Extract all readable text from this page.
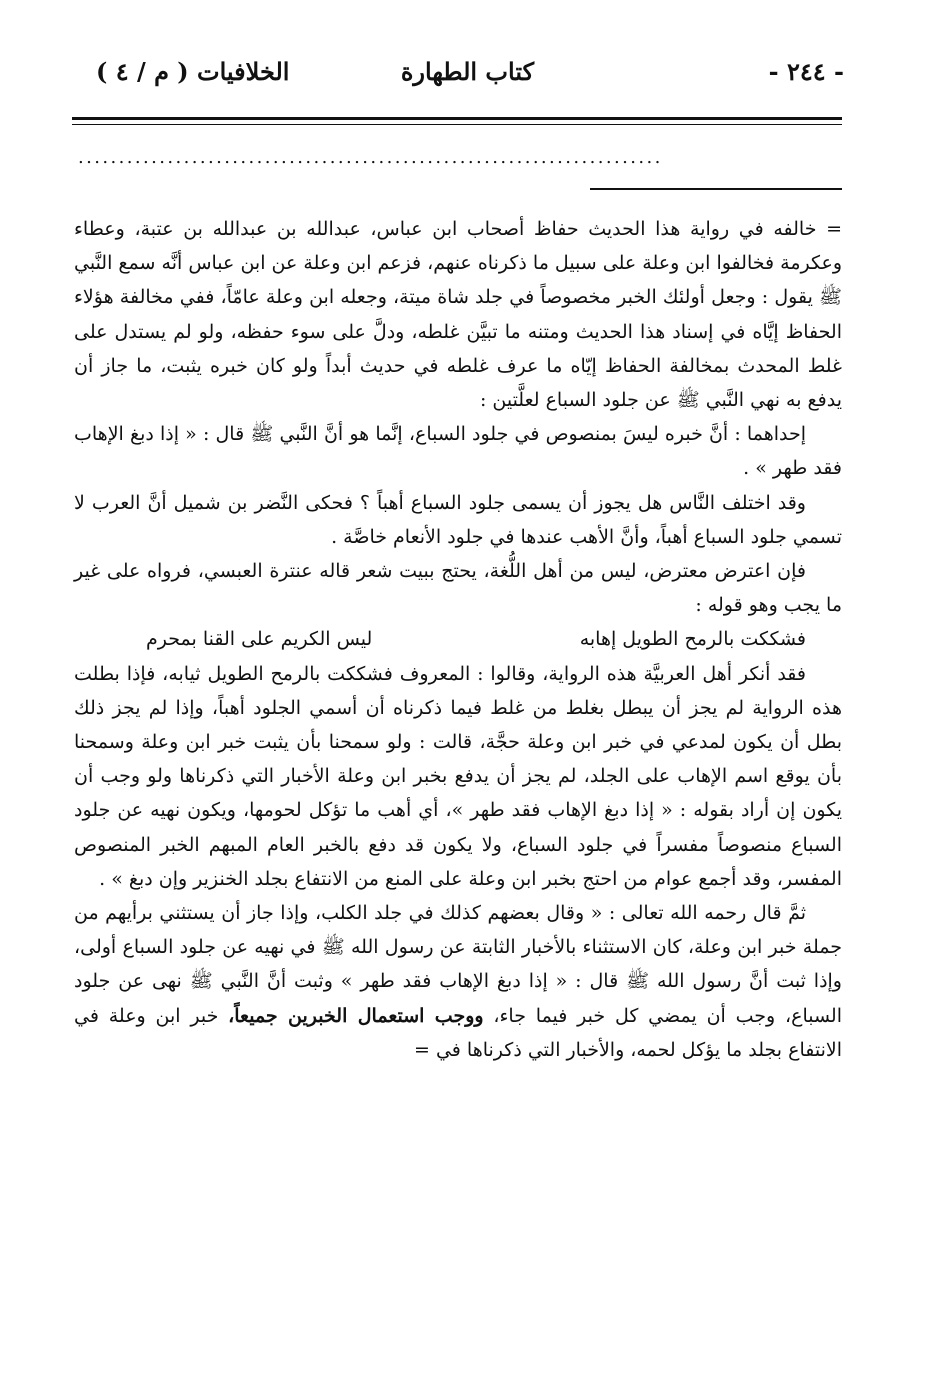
- ٢٤٤ -
كتاب الطهارة
الخلافيات ( م / ٤ )
........................................................................

= خالفه في رواية هذا الحديث حفاظ أصحاب ابن عباس، عبدالله بن عبدالله بن عتبة، وعطاء وعكرمة فخالفوا ابن وعلة على سبيل ما ذكرناه عنهم، فزعم ابن وعلة عن ابن عباس أنَّه سمع النَّبي ﷺ يقول : وجعل أولئك الخبر مخصوصاً في جلد شاة ميتة، وجعله ابن وعلة عامّاً، ففي مخالفة هؤلاء الحفاظ إيَّاه في إسناد هذا الحديث ومتنه ما تبيَّن غلطه، ودلَّ على سوء حفظه، ولو لم يستدل على غلط المحدث بمخالفة الحفاظ إيّاه ما عرف غلطه في حديث أبداً ولو كان خبره يثبت، ما جاز أن يدفع به نهي النَّبي ﷺ عن جلود السباع لعلَّتين :

إحداهما : أنَّ خبره ليسَ بمنصوص في جلود السباع، إنَّما هو أنَّ النَّبي ﷺ قال : « إذا دبغ الإهاب فقد طهر » .

وقد اختلف النَّاس هل يجوز أن يسمى جلود السباع أهباً ؟ فحكى النَّضر بن شميل أنَّ العرب لا تسمي جلود السباع أهباً، وأنَّ الأهب عندها في جلود الأنعام خاصَّة .

فإن اعترض معترض، ليس من أهل اللُّغة، يحتج ببيت شعر قاله عنترة العبسي، فرواه على غير ما يجب وهو قوله :

فشككت بالرمح الطويل إهابه
ليس الكريم على القنا بمحرم

فقد أنكر أهل العربيَّة هذه الرواية، وقالوا : المعروف فشككت بالرمح الطويل ثيابه، فإذا بطلت هذه الرواية لم يجز أن يبطل بغلط من غلط فيما ذكرناه أن أسمي الجلود أهباً، وإذا لم يجز ذلك بطل أن يكون لمدعي في خبر ابن وعلة حجَّة، قالت : ولو سمحنا بأن يثبت خبر ابن وعلة وسمحنا بأن يوقع اسم الإهاب على الجلد، لم يجز أن يدفع بخبر ابن وعلة الأخبار التي ذكرناها ولو وجب أن يكون إن أراد بقوله : « إذا دبغ الإهاب فقد طهر »، أي أهب ما تؤكل لحومها، ويكون نهيه عن جلود السباع منصوصاً مفسراً في جلود السباع، ولا يكون قد دفع بالخبر العام المبهم الخبر المنصوص المفسر، وقد أجمع عوام من احتج بخبر ابن وعلة على المنع من الانتفاع بجلد الخنزير وإن دبغ » .

ثمَّ قال رحمه الله تعالى : « وقال بعضهم كذلك في جلد الكلب، وإذا جاز أن يستثني برأيهم من جملة خبر ابن وعلة، كان الاستثناء بالأخبار الثابتة عن رسول الله ﷺ في نهيه عن جلود السباع أولى، وإذا ثبت أنَّ رسول الله ﷺ قال : « إذا دبغ الإهاب فقد طهر » وثبت أنَّ النَّبي ﷺ نهى عن جلود السباع، وجب أن يمضي كل خبر فيما جاء، ووجب استعمال الخبرين جميعاً، خبر ابن وعلة في الانتفاع بجلد ما يؤكل لحمه، والأخبار التي ذكرناها في =
